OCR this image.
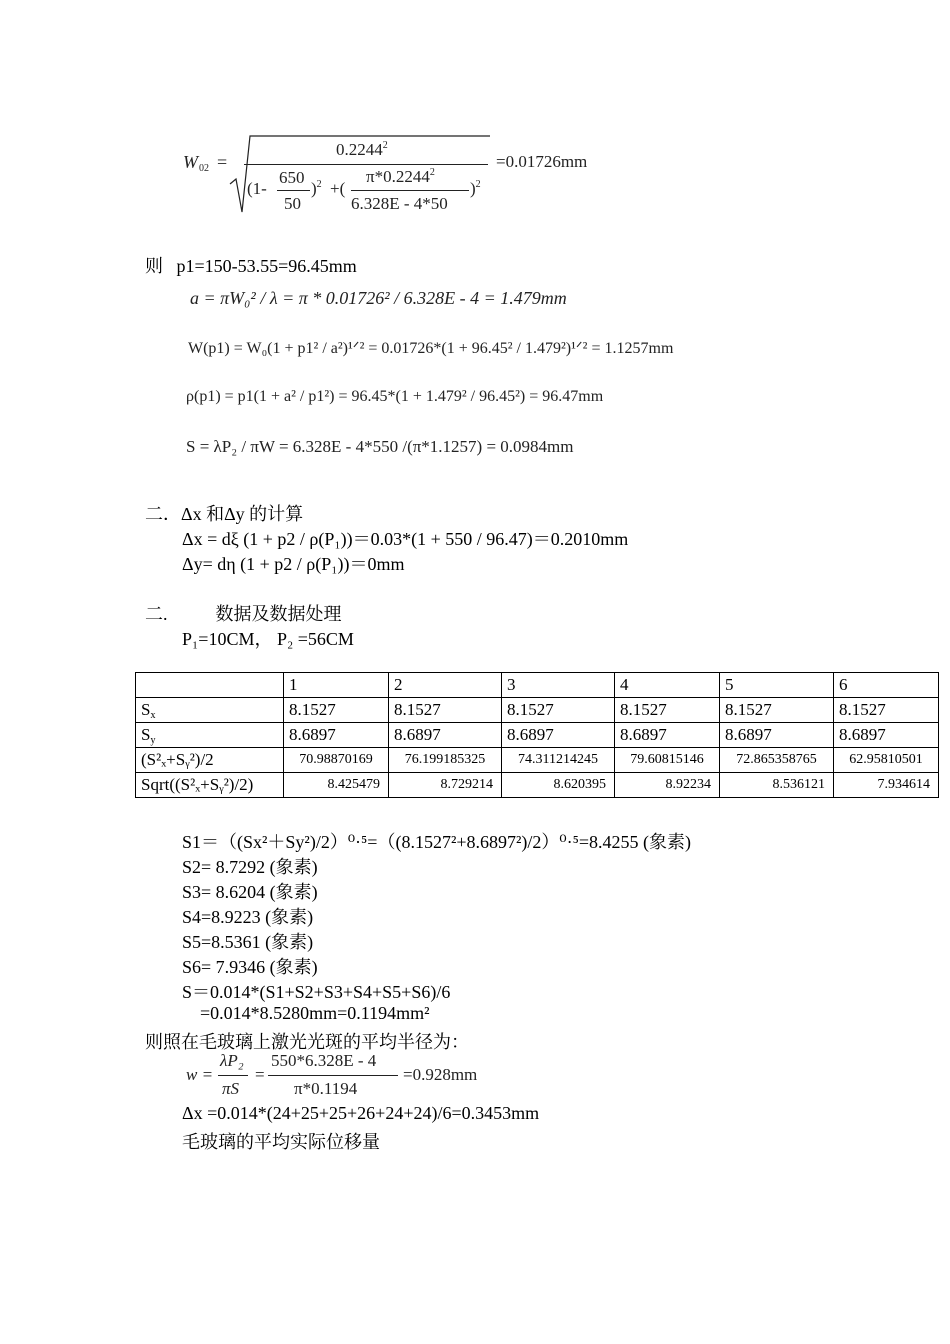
W 02 =
$0.2244^2$
(1-
650
50
)$^2$ +(
π*0.2244$^2$
6.328E - 4*50
)$^2$
=0.01726mm
则 p1=150-53.55=96.45mm
a = πW₀² / λ = π * 0.01726² / 6.328E - 4 = 1.479mm
W(p1) = W₀(1 + p1² / a²)¹ᐟ² = 0.01726*(1 + 96.45² / 1.479²)¹ᐟ² = 1.1257mm
ρ(p1) = p1(1 + a² / p1²) = 96.45*(1 + 1.479² / 96.45²) = 96.47mm
S = λP₂ / πW = 6.328E - 4*550 /(π*1.1257) = 0.0984mm
二．Δx 和Δy 的计算
Δx = dξ (1 + p2 / ρ(P₁))＝0.03*(1 + 550 / 96.47)＝0.2010mm
Δy= dη (1 + p2 / ρ(P₁))＝0mm
二.	数据及数据处理
P₁=10CM， P₂ =56CM
	1	2	3	4	5	6
$S_x$	8.1527	8.1527	8.1527	8.1527	8.1527	8.1527
$S_y$	8.6897	8.6897	8.6897	8.6897	8.6897	8.6897
(S²ₓ+Sᵧ²)/2	70.98870169	76.199185325	74.311214245	79.60815146	72.865358765	62.95810501
Sqrt((S²ₓ+Sᵧ²)/2)	8.425479	8.729214	8.620395	8.92234	8.536121	7.934614
S1＝（(Sx²＋Sy²)/2）⁰·⁵=（(8.1527²+8.6897²)/2）⁰·⁵=8.4255 (象素)
S2= 8.7292 (象素)
S3= 8.6204 (象素)
S4=8.9223 (象素)
S5=8.5361 (象素)
S6= 7.9346 (象素)
S＝0.014*(S1+S2+S3+S4+S5+S6)/6
=0.014*8.5280mm=0.1194mm²
则照在毛玻璃上激光光斑的平均半径为：
w =
λP₂
πS
=
550*6.328E - 4
π*0.1194
=0.928mm
Δx =0.014*(24+25+25+26+24+24)/6=0.3453mm
毛玻璃的平均实际位移量
